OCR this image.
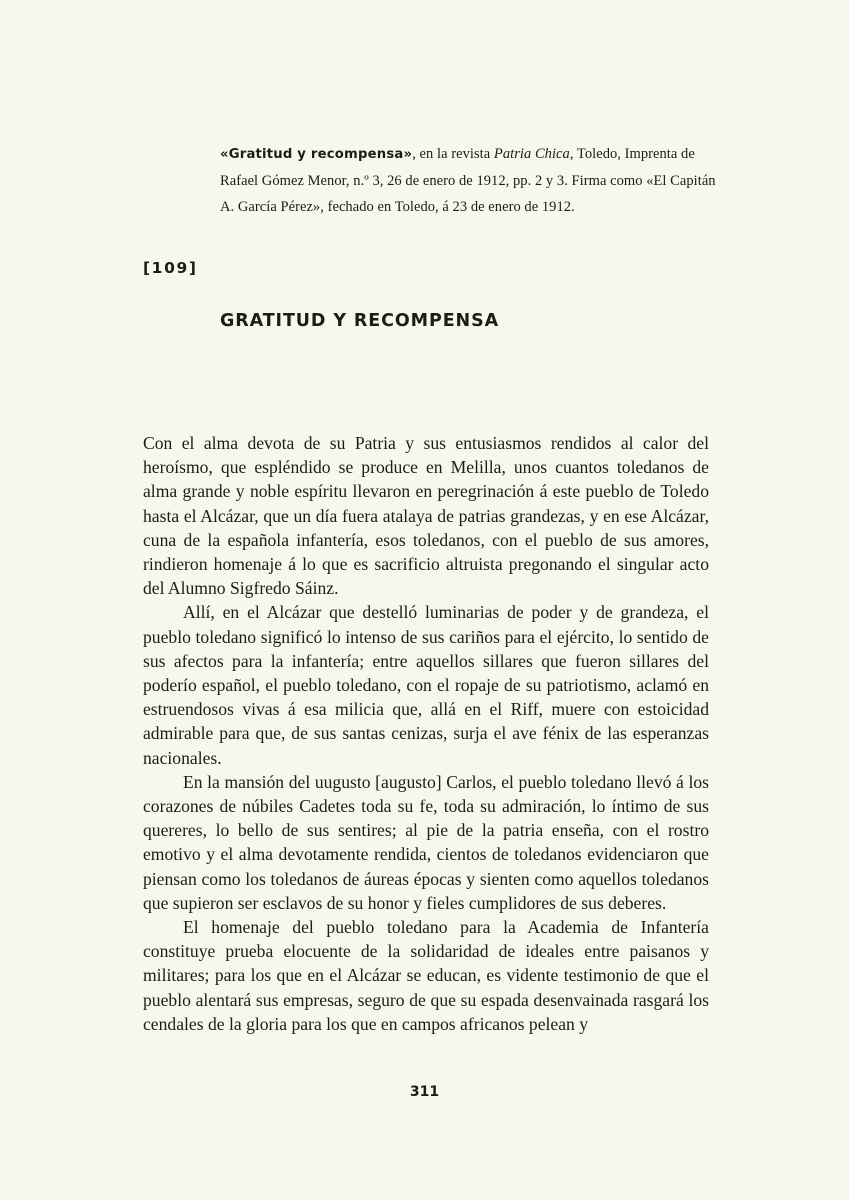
«Gratitud y recompensa», en la revista Patria Chica, Toledo, Imprenta de Rafael Gómez Menor, n.º 3, 26 de enero de 1912, pp. 2 y 3. Firma como «El Capitán A. García Pérez», fechado en Toledo, á 23 de enero de 1912.

[109]

GRATITUD Y RECOMPENSA

Con el alma devota de su Patria y sus entusiasmos rendidos al calor del heroísmo, que espléndido se produce en Melilla, unos cuantos toledanos de alma grande y noble espíritu llevaron en peregrinación á este pueblo de Toledo hasta el Alcázar, que un día fuera atalaya de patrias grandezas, y en ese Alcázar, cuna de la española infantería, esos toledanos, con el pueblo de sus amores, rindieron homenaje á lo que es sacrificio altruista pregonando el singular acto del Alumno Sigfredo Sáinz.

Allí, en el Alcázar que destelló luminarias de poder y de grandeza, el pueblo toledano significó lo intenso de sus cariños para el ejército, lo sentido de sus afectos para la infantería; entre aquellos sillares que fueron sillares del poderío español, el pueblo toledano, con el ropaje de su patriotismo, aclamó en estruendosos vivas á esa milicia que, allá en el Riff, muere con estoicidad admirable para que, de sus santas cenizas, surja el ave fénix de las esperanzas nacionales.

En la mansión del uugusto [augusto] Carlos, el pueblo toledano llevó á los corazones de núbiles Cadetes toda su fe, toda su admiración, lo íntimo de sus quereres, lo bello de sus sentires; al pie de la patria enseña, con el rostro emotivo y el alma devotamente rendida, cientos de toledanos evidenciaron que piensan como los toledanos de áureas épocas y sienten como aquellos toledanos que supieron ser esclavos de su honor y fieles cumplidores de sus deberes.

El homenaje del pueblo toledano para la Academia de Infantería constituye prueba elocuente de la solidaridad de ideales entre paisanos y militares; para los que en el Alcázar se educan, es vidente testimonio de que el pueblo alentará sus empresas, seguro de que su espada desenvainada rasgará los cendales de la gloria para los que en campos africanos pelean y

311
